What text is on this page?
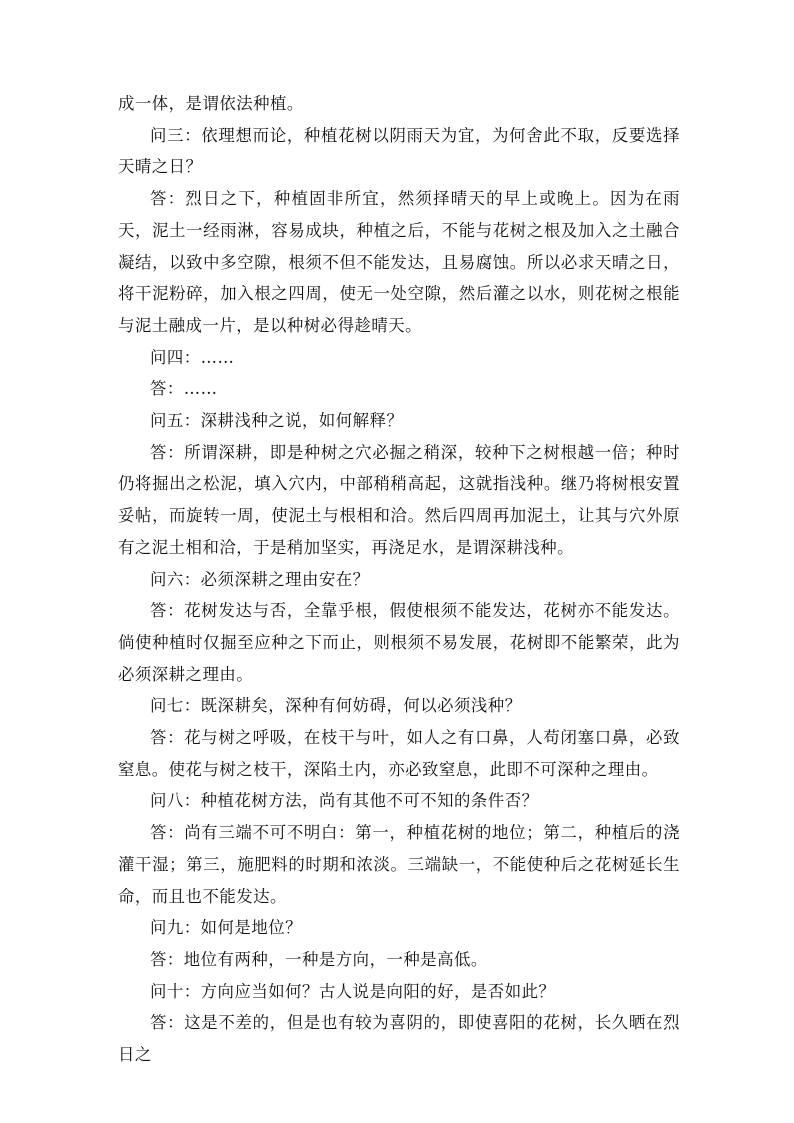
成一体，是谓依法种植。

问三：依理想而论，种植花树以阴雨天为宜，为何舍此不取，反要选择天晴之日？

答：烈日之下，种植固非所宜，然须择晴天的早上或晚上。因为在雨天，泥土一经雨淋，容易成块，种植之后，不能与花树之根及加入之土融合凝结，以致中多空隙，根须不但不能发达，且易腐蚀。所以必求天晴之日，将干泥粉碎，加入根之四周，使无一处空隙，然后灌之以水，则花树之根能与泥土融成一片，是以种树必得趁晴天。

问四：……

答：……

问五：深耕浅种之说，如何解释？

答：所谓深耕，即是种树之穴必掘之稍深，较种下之树根越一倍；种时仍将掘出之松泥，填入穴内，中部稍稍高起，这就指浅种。继乃将树根安置妥帖，而旋转一周，使泥土与根相和洽。然后四周再加泥土，让其与穴外原有之泥土相和洽，于是稍加坚实，再浇足水，是谓深耕浅种。

问六：必须深耕之理由安在？

答：花树发达与否，全靠乎根，假使根须不能发达，花树亦不能发达。倘使种植时仅掘至应种之下而止，则根须不易发展，花树即不能繁荣，此为必须深耕之理由。

问七：既深耕矣，深种有何妨碍，何以必须浅种？

答：花与树之呼吸，在枝干与叶，如人之有口鼻，人苟闭塞口鼻，必致窒息。使花与树之枝干，深陷土内，亦必致窒息，此即不可深种之理由。

问八：种植花树方法，尚有其他不可不知的条件否？

答：尚有三端不可不明白：第一，种植花树的地位；第二，种植后的浇灌干湿；第三，施肥料的时期和浓淡。三端缺一，不能使种后之花树延长生命，而且也不能发达。

问九：如何是地位？

答：地位有两种，一种是方向，一种是高低。

问十：方向应当如何？古人说是向阳的好，是否如此？

答：这是不差的，但是也有较为喜阴的，即使喜阳的花树，长久晒在烈日之
